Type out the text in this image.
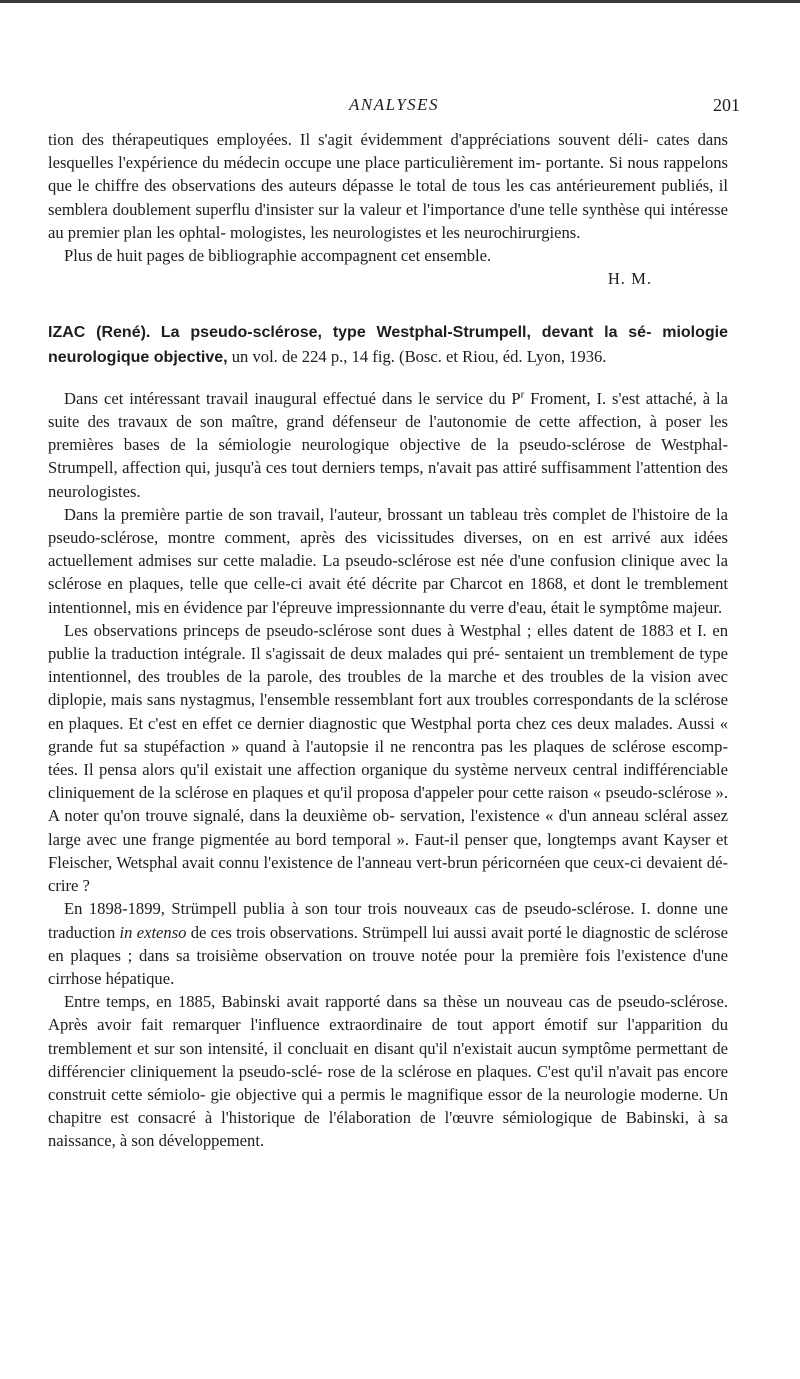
ANALYSES	201

tion des thérapeutiques employées. Il s'agit évidemment d'appréciations souvent déli- cates dans lesquelles l'expérience du médecin occupe une place particulièrement im- portante. Si nous rappelons que le chiffre des observations des auteurs dépasse le total de tous les cas antérieurement publiés, il semblera doublement superflu d'insister sur la valeur et l'importance d'une telle synthèse qui intéresse au premier plan les ophtal- mologistes, les neurologistes et les neurochirurgiens.

Plus de huit pages de bibliographie accompagnent cet ensemble.

H. M.

IZAC (René). La pseudo-sclérose, type Westphal-Strumpell, devant la sé- miologie neurologique objective, un vol. de 224 p., 14 fig. (Bosc. et Riou, éd. Lyon, 1936.

Dans cet intéressant travail inaugural effectué dans le service du $P^r$ Froment, I. s'est attaché, à la suite des travaux de son maître, grand défenseur de l'autonomie de cette affection, à poser les premières bases de la sémiologie neurologique objective de la pseudo-sclérose de Westphal-Strumpell, affection qui, jusqu'à ces tout derniers temps, n'avait pas attiré suffisamment l'attention des neurologistes.

Dans la première partie de son travail, l'auteur, brossant un tableau très complet de l'histoire de la pseudo-sclérose, montre comment, après des vicissitudes diverses, on en est arrivé aux idées actuellement admises sur cette maladie. La pseudo-sclérose est née d'une confusion clinique avec la sclérose en plaques, telle que celle-ci avait été décrite par Charcot en 1868, et dont le tremblement intentionnel, mis en évidence par l'épreuve impressionnante du verre d'eau, était le symptôme majeur.

Les observations princeps de pseudo-sclérose sont dues à Westphal ; elles datent de 1883 et I. en publie la traduction intégrale. Il s'agissait de deux malades qui pré- sentaient un tremblement de type intentionnel, des troubles de la parole, des troubles de la marche et des troubles de la vision avec diplopie, mais sans nystagmus, l'ensemble ressemblant fort aux troubles correspondants de la sclérose en plaques. Et c'est en effet ce dernier diagnostic que Westphal porta chez ces deux malades. Aussi « grande fut sa stupéfaction » quand à l'autopsie il ne rencontra pas les plaques de sclérose escomp- tées. Il pensa alors qu'il existait une affection organique du système nerveux central indifférenciable cliniquement de la sclérose en plaques et qu'il proposa d'appeler pour cette raison « pseudo-sclérose ». A noter qu'on trouve signalé, dans la deuxième ob- servation, l'existence « d'un anneau scléral assez large avec une frange pigmentée au bord temporal ». Faut-il penser que, longtemps avant Kayser et Fleischer, Wetsphal avait connu l'existence de l'anneau vert-brun péricornéen que ceux-ci devaient dé- crire ?

En 1898-1899, Strümpell publia à son tour trois nouveaux cas de pseudo-sclérose. I. donne une traduction in extenso de ces trois observations. Strümpell lui aussi avait porté le diagnostic de sclérose en plaques ; dans sa troisième observation on trouve notée pour la première fois l'existence d'une cirrhose hépatique.

Entre temps, en 1885, Babinski avait rapporté dans sa thèse un nouveau cas de pseudo-sclérose. Après avoir fait remarquer l'influence extraordinaire de tout apport émotif sur l'apparition du tremblement et sur son intensité, il concluait en disant qu'il n'existait aucun symptôme permettant de différencier cliniquement la pseudo-sclé- rose de la sclérose en plaques. C'est qu'il n'avait pas encore construit cette sémiolo- gie objective qui a permis le magnifique essor de la neurologie moderne. Un chapitre est consacré à l'historique de l'élaboration de l'œuvre sémiologique de Babinski, à sa naissance, à son développement.
